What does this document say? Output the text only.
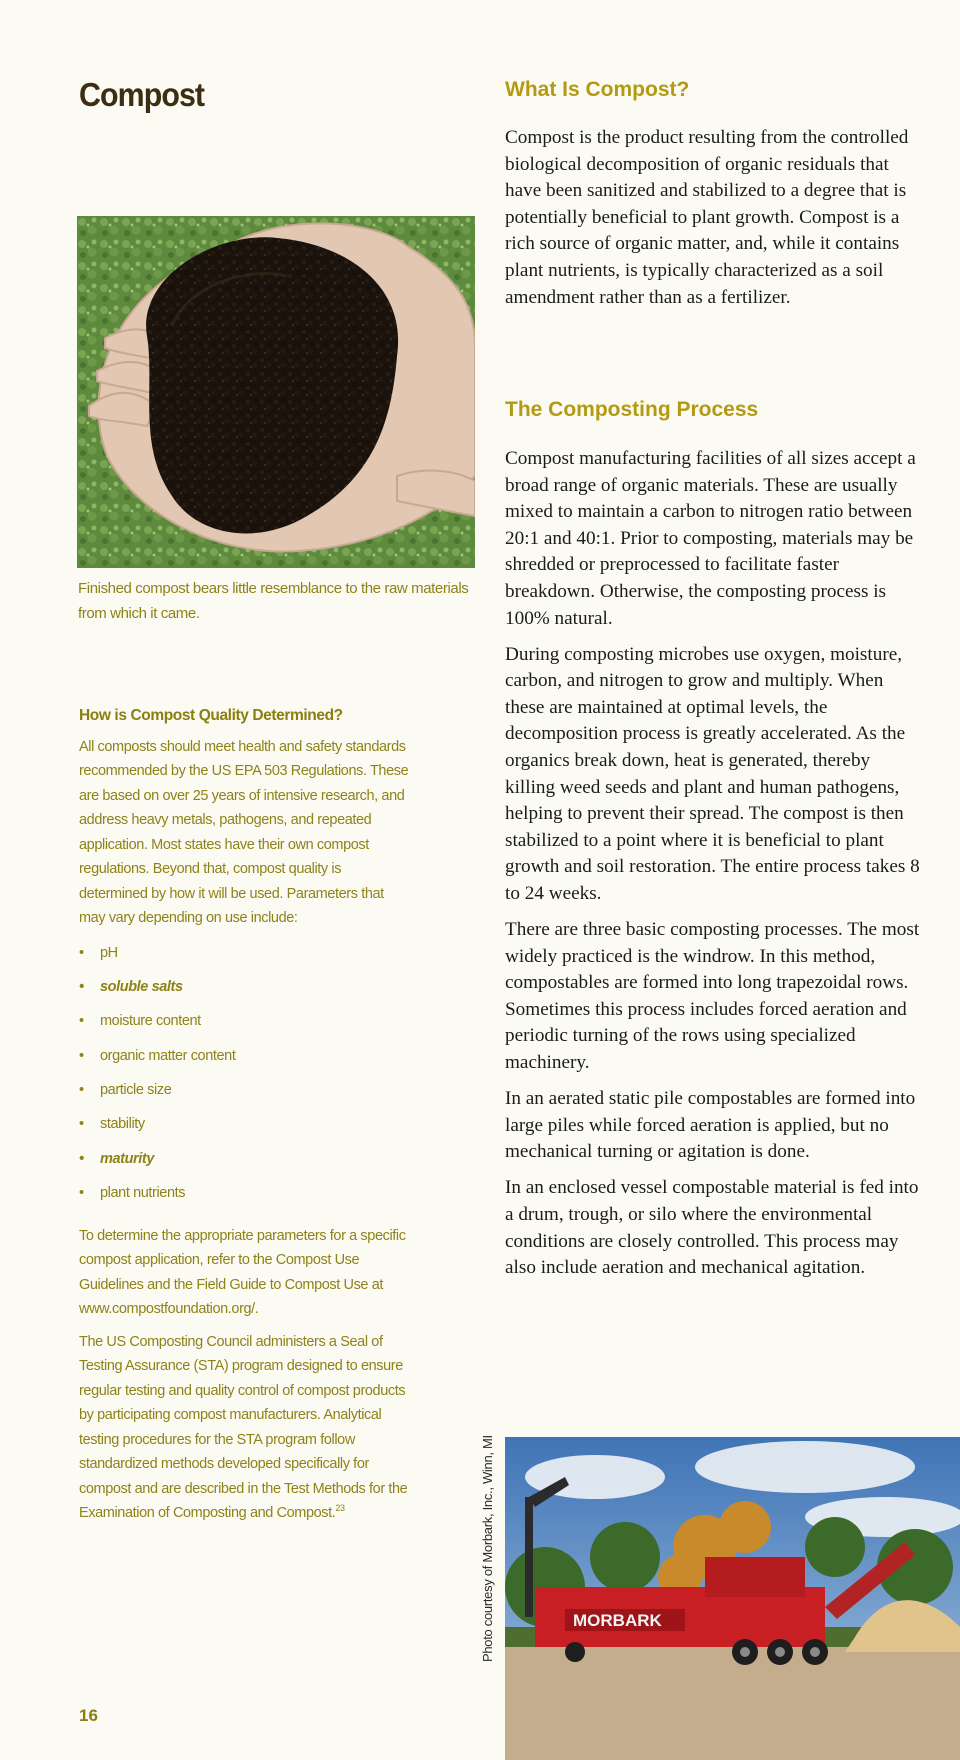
Compost

Finished compost bears little resemblance to the raw materials from which it came.

How is Compost Quality Determined?

All composts should meet health and safety standards recommended by the US EPA 503 Regulations. These are based on over 25 years of intensive research, and address heavy metals, pathogens, and repeated application. Most states have their own compost regulations. Beyond that, compost quality is determined by how it will be used. Parameters that may vary depending on use include:

• pH
• soluble salts
• moisture content
• organic matter content
• particle size
• stability
• maturity
• plant nutrients

To determine the appropriate parameters for a specific compost application, refer to the Compost Use Guidelines and the Field Guide to Compost Use at www.compostfoundation.org/.

The US Composting Council administers a Seal of Testing Assurance (STA) program designed to ensure regular testing and quality control of compost products by participating compost manufacturers. Analytical testing procedures for the STA program follow standardized methods developed specifically for compost and are described in the Test Methods for the Examination of Composting and Compost.$^{23}$

16
Photo courtesy of Morbark, Inc., Winn, MI
What Is Compost?

Compost is the product resulting from the controlled biological decomposition of organic residuals that have been sanitized and stabilized to a degree that is potentially beneficial to plant growth. Compost is a rich source of organic matter, and, while it contains plant nutrients, is typically characterized as a soil amendment rather than as a fertilizer.

The Composting Process

Compost manufacturing facilities of all sizes accept a broad range of organic materials. These are usually mixed to maintain a carbon to nitrogen ratio between 20:1 and 40:1. Prior to composting, materials may be shredded or preprocessed to facilitate faster breakdown. Otherwise, the composting process is 100% natural.

During composting microbes use oxygen, moisture, carbon, and nitrogen to grow and multiply. When these are maintained at optimal levels, the decomposition process is greatly accelerated. As the organics break down, heat is generated, thereby killing weed seeds and plant and human pathogens, helping to prevent their spread. The compost is then stabilized to a point where it is beneficial to plant growth and soil restoration. The entire process takes 8 to 24 weeks.

There are three basic composting processes. The most widely practiced is the windrow. In this method, compostables are formed into long trapezoidal rows. Sometimes this process includes forced aeration and periodic turning of the rows using specialized machinery.

In an aerated static pile compostables are formed into large piles while forced aeration is applied, but no mechanical turning or agitation is done.

In an enclosed vessel compostable material is fed into a drum, trough, or silo where the environmental conditions are closely controlled. This process may also include aeration and mechanical agitation.

MORBARK
